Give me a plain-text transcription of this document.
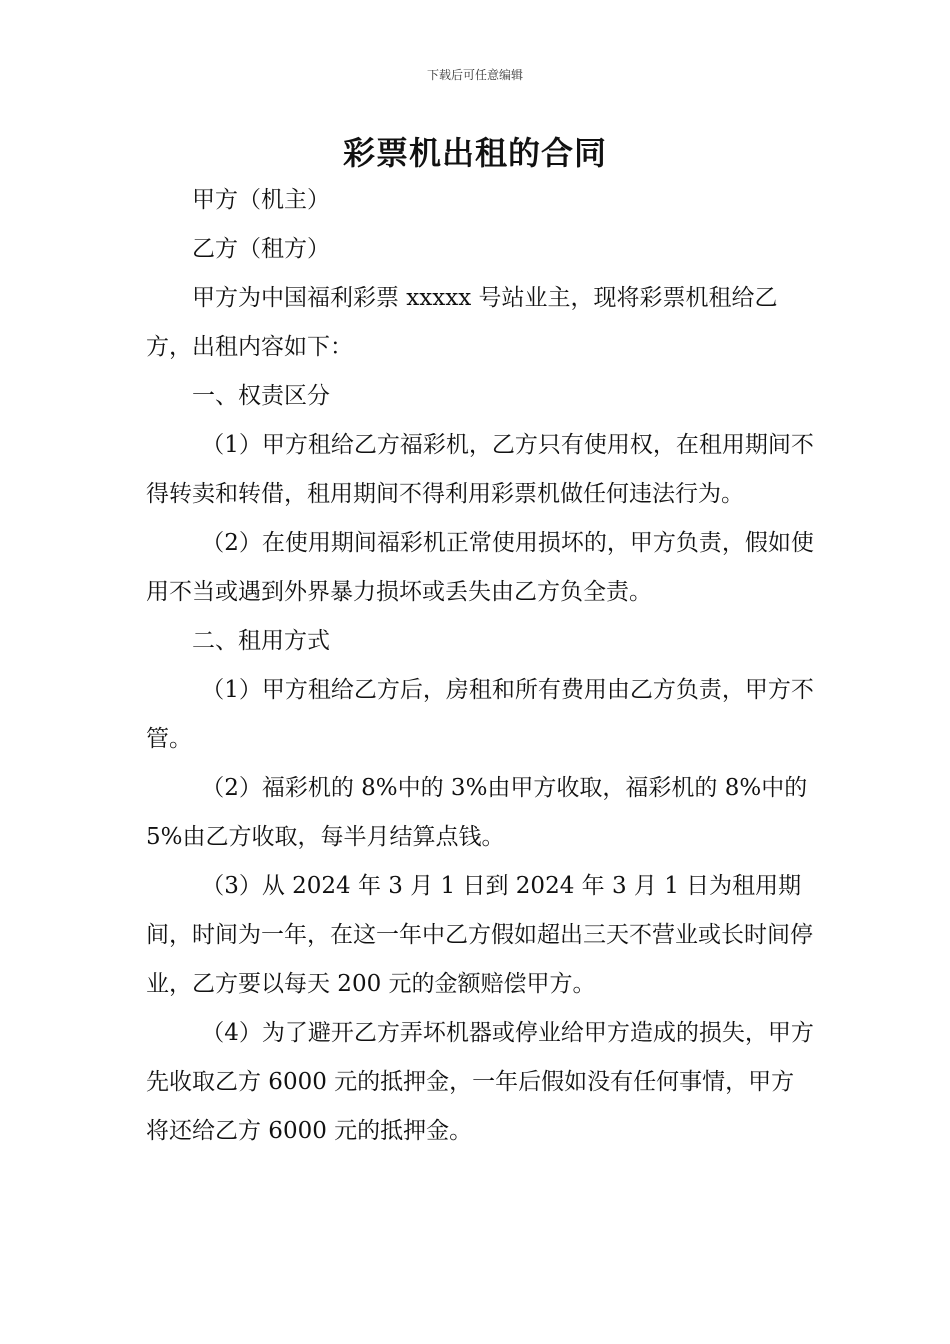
下载后可任意编辑
彩票机出租的合同

甲方（机主）

乙方（租方）

甲方为中国福利彩票 xxxxx 号站业主，现将彩票机租给乙方，出租内容如下：

一、权责区分

（1）甲方租给乙方福彩机，乙方只有使用权，在租用期间不得转卖和转借，租用期间不得利用彩票机做任何违法行为。

（2）在使用期间福彩机正常使用损坏的，甲方负责，假如使用不当或遇到外界暴力损坏或丢失由乙方负全责。

二、租用方式

（1）甲方租给乙方后，房租和所有费用由乙方负责，甲方不管。

（2）福彩机的 8%中的 3%由甲方收取，福彩机的 8%中的 5%由乙方收取，每半月结算点钱。

（3）从 2024 年 3 月 1 日到 2024 年 3 月 1 日为租用期间，时间为一年，在这一年中乙方假如超出三天不营业或长时间停业，乙方要以每天 200 元的金额赔偿甲方。

（4）为了避开乙方弄坏机器或停业给甲方造成的损失，甲方先收取乙方 6000 元的抵押金，一年后假如没有任何事情，甲方将还给乙方 6000 元的抵押金。
